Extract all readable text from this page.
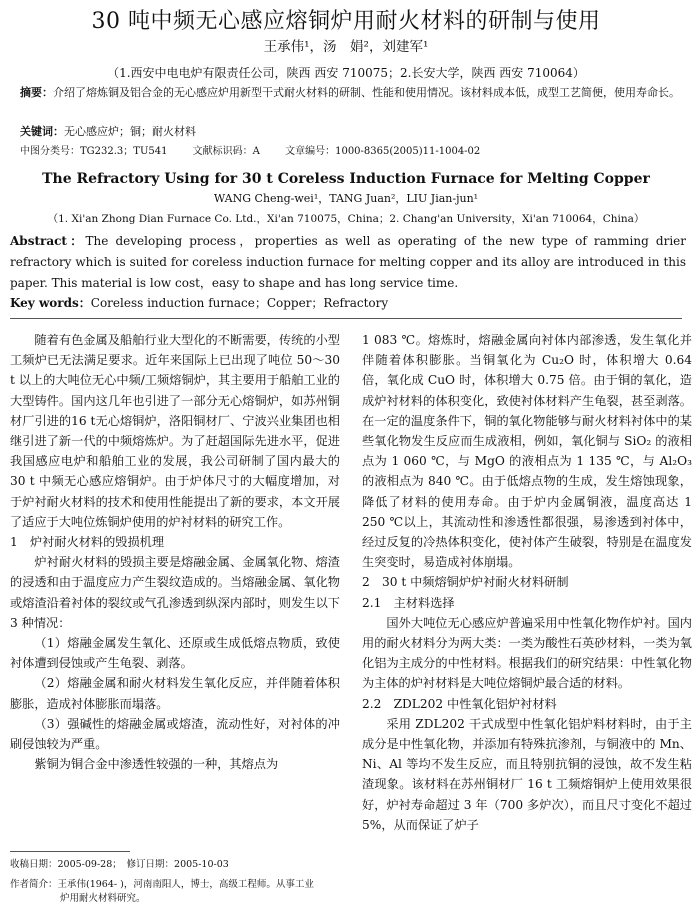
30 吨中频无心感应熔铜炉用耐火材料的研制与使用
王承伟¹，汤　娟²，刘建军¹
（1.西安中电电炉有限责任公司，陕西 西安 710075；2.长安大学，陕西 西安 710064）
摘要：介绍了熔炼铜及铝合金的无心感应炉用新型干式耐火材料的研制、性能和使用情况。该材料成本低，成型工艺简便，使用寿命长。
关键词：无心感应炉；铜；耐火材料
中图分类号：TG232.3；TU541	文献标识码：A	文章编号：1000-8365(2005)11-1004-02
The Refractory Using for 30 t Coreless Induction Furnace for Melting Copper
WANG Cheng-wei¹，TANG Juan²，LIU Jian-jun¹
（1. Xi'an Zhong Dian Furnace Co. Ltd.，Xi'an 710075，China；2. Chang'an University，Xi'an 710064，China）
Abstract：The developing process，properties as well as operating of the new type of ramming drier refractory which is suited for coreless induction furnace for melting copper and its alloy are introduced in this paper. This material is low cost，easy to shape and has long service time.
Key words：Coreless induction furnace；Copper；Refractory

随着有色金属及船舶行业大型化的不断需要，传统的小型工频炉已无法满足要求。近年来国际上已出现了吨位 50～30 t 以上的大吨位无心中频/工频熔铜炉，其主要用于船舶工业的大型铸件。国内这几年也引进了一部分无心熔铜炉，如苏州铜材厂引进的16 t无心熔铜炉，洛阳铜材厂、宁波兴业集团也相继引进了新一代的中频熔炼炉。为了赶超国际先进水平，促进我国感应电炉和船舶工业的发展，我公司研制了国内最大的 30 t 中频无心感应熔铜炉。由于炉体尺寸的大幅度增加，对于炉衬耐火材料的技术和使用性能提出了新的要求，本文开展了适应于大吨位炼铜炉使用的炉衬材料的研究工作。

1　炉衬耐火材料的毁损机理

炉衬耐火材料的毁损主要是熔融金属、金属氧化物、熔渣的浸透和由于温度应力产生裂纹造成的。当熔融金属、氧化物或熔渣沿着衬体的裂纹或气孔渗透到纵深内部时，则发生以下 3 种情况：

（1）熔融金属发生氧化、还原或生成低熔点物质，致使衬体遭到侵蚀或产生龟裂、剥落。

（2）熔融金属和耐火材料发生氧化反应，并伴随着体积膨胀，造成衬体膨胀而塌落。

（3）强碱性的熔融金属或熔渣，流动性好，对衬体的冲刷侵蚀较为严重。

紫铜为铜合金中渗透性较强的一种，其熔点为

1 083 ℃。熔炼时，熔融金属向衬体内部渗透，发生氧化并伴随着体积膨胀。当铜氧化为 Cu₂O 时，体积增大 0.64 倍，氧化成 CuO 时，体积增大 0.75 倍。由于铜的氧化，造成炉衬材料的体积变化，致使衬体材料产生龟裂，甚至剥落。在一定的温度条件下，铜的氧化物能够与耐火材料衬体中的某些氧化物发生反应而生成液相，例如，氧化铜与 SiO₂ 的液相点为 1 060 ℃，与 MgO 的液相点为 1 135 ℃，与 Al₂O₃ 的液相点为 840 ℃。由于低熔点物的生成，发生熔蚀现象，降低了材料的使用寿命。由于炉内金属铜液，温度高达 1 250 ℃以上，其流动性和渗透性都很强，易渗透到衬体中，经过反复的冷热体积变化，使衬体产生破裂，特别是在温度发生突变时，易造成衬体崩塌。

2　30 t 中频熔铜炉炉衬耐火材料研制

2.1　主材料选择

国外大吨位无心感应炉普遍采用中性氧化物作炉衬。国内用的耐火材料分为两大类：一类为酸性石英砂材料，一类为氧化铝为主成分的中性材料。根据我们的研究结果：中性氧化物为主体的炉衬材料是大吨位熔铜炉最合适的材料。

2.2　ZDL202 中性氧化铝炉衬材料

采用 ZDL202 干式成型中性氧化铝炉料材料时，由于主成分是中性氧化物，并添加有特殊抗渗剂，与铜液中的 Mn、Ni、Al 等均不发生反应，而且特别抗铜的浸蚀，故不发生粘渣现象。该材料在苏州铜材厂 16 t 工频熔铜炉上使用效果很好，炉衬寿命超过 3 年（700 多炉次），而且尺寸变化不超过 5%，从而保证了炉子

收稿日期：2005-09-28；　修订日期：2005-10-03
作者简介：王承伟(1964- )，河南南阳人，博士，高级工程师。从事工业
炉用耐火材料研究。
